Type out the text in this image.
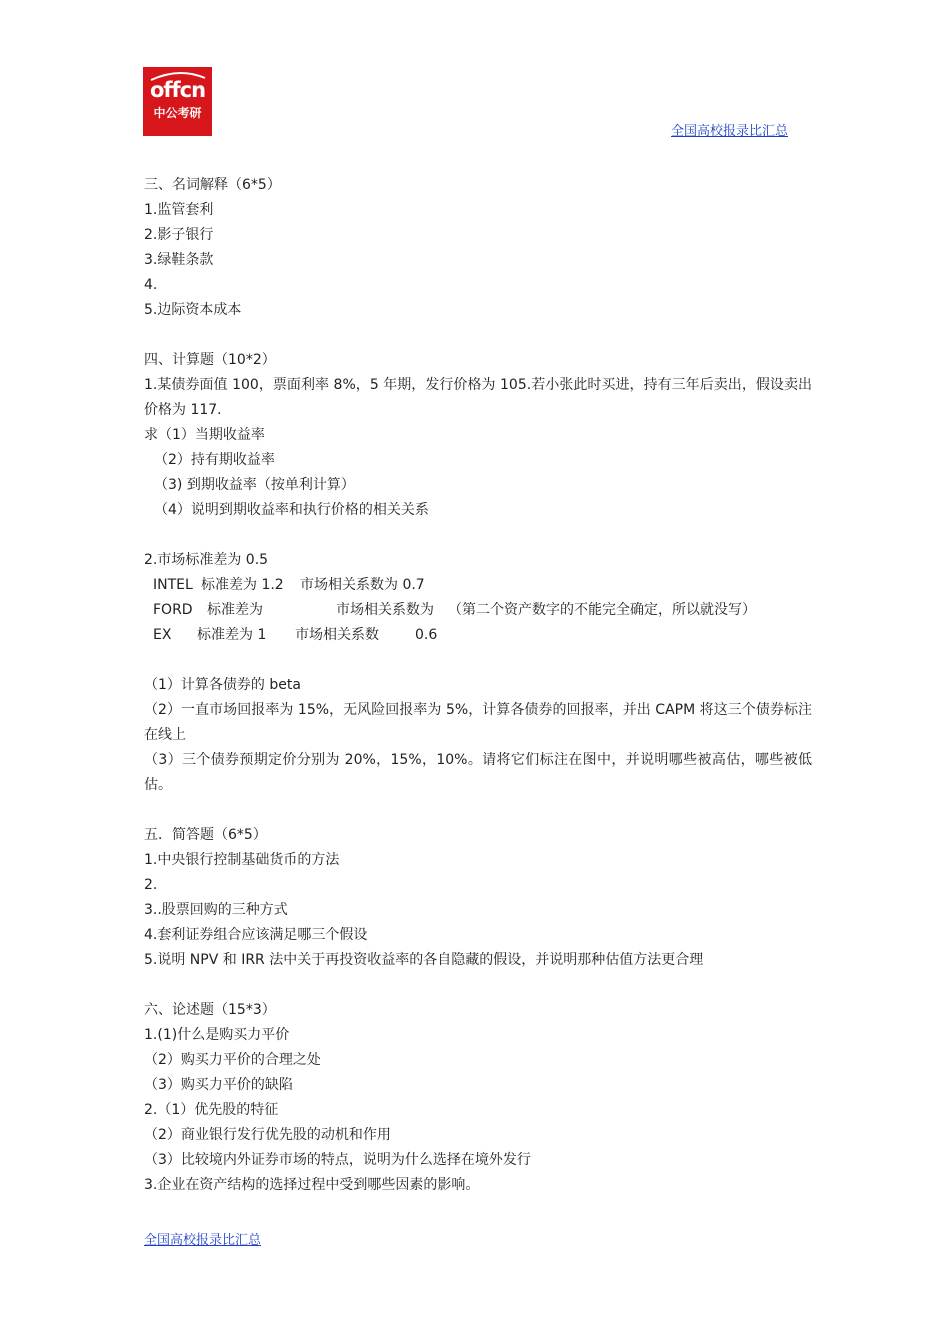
offcn
中公考研
全国高校报录比汇总

三、名词解释（6*5）

1.监管套利

2.影子银行

3.绿鞋条款

4.

5.边际资本成本

四、计算题（10*2）

1.某债券面值 100，票面利率 8%，5 年期，发行价格为 105.若小张此时买进，持有三年后卖出，假设卖出价格为 117.

求（1）当期收益率

（2）持有期收益率

（3) 到期收益率（按单利计算）

（4）说明到期收益率和执行价格的相关关系

2.市场标准差为 0.5

INTEL 标准差为 1.2 市场相关系数为 0.7
FORD 标准差为	市场相关系数为 （第二个资产数字的不能完全确定，所以就没写）
EX 标准差为 1 市场相关系数	0.6

（1）计算各债券的 beta

（2）一直市场回报率为 15%，无风险回报率为 5%，计算各债券的回报率，并出 CAPM 将这三个债券标注在线上

（3）三个债券预期定价分别为 20%，15%，10%。请将它们标注在图中，并说明哪些被高估，哪些被低估。

五．简答题（6*5）

1.中央银行控制基础货币的方法

2.

3..股票回购的三种方式

4.套利证券组合应该满足哪三个假设

5.说明 NPV 和 IRR 法中关于再投资收益率的各自隐藏的假设，并说明那种估值方法更合理

六、论述题（15*3）

1.(1)什么是购买力平价

（2）购买力平价的合理之处

（3）购买力平价的缺陷

2.（1）优先股的特征

（2）商业银行发行优先股的动机和作用

（3）比较境内外证券市场的特点，说明为什么选择在境外发行

3.企业在资产结构的选择过程中受到哪些因素的影响。

全国高校报录比汇总
